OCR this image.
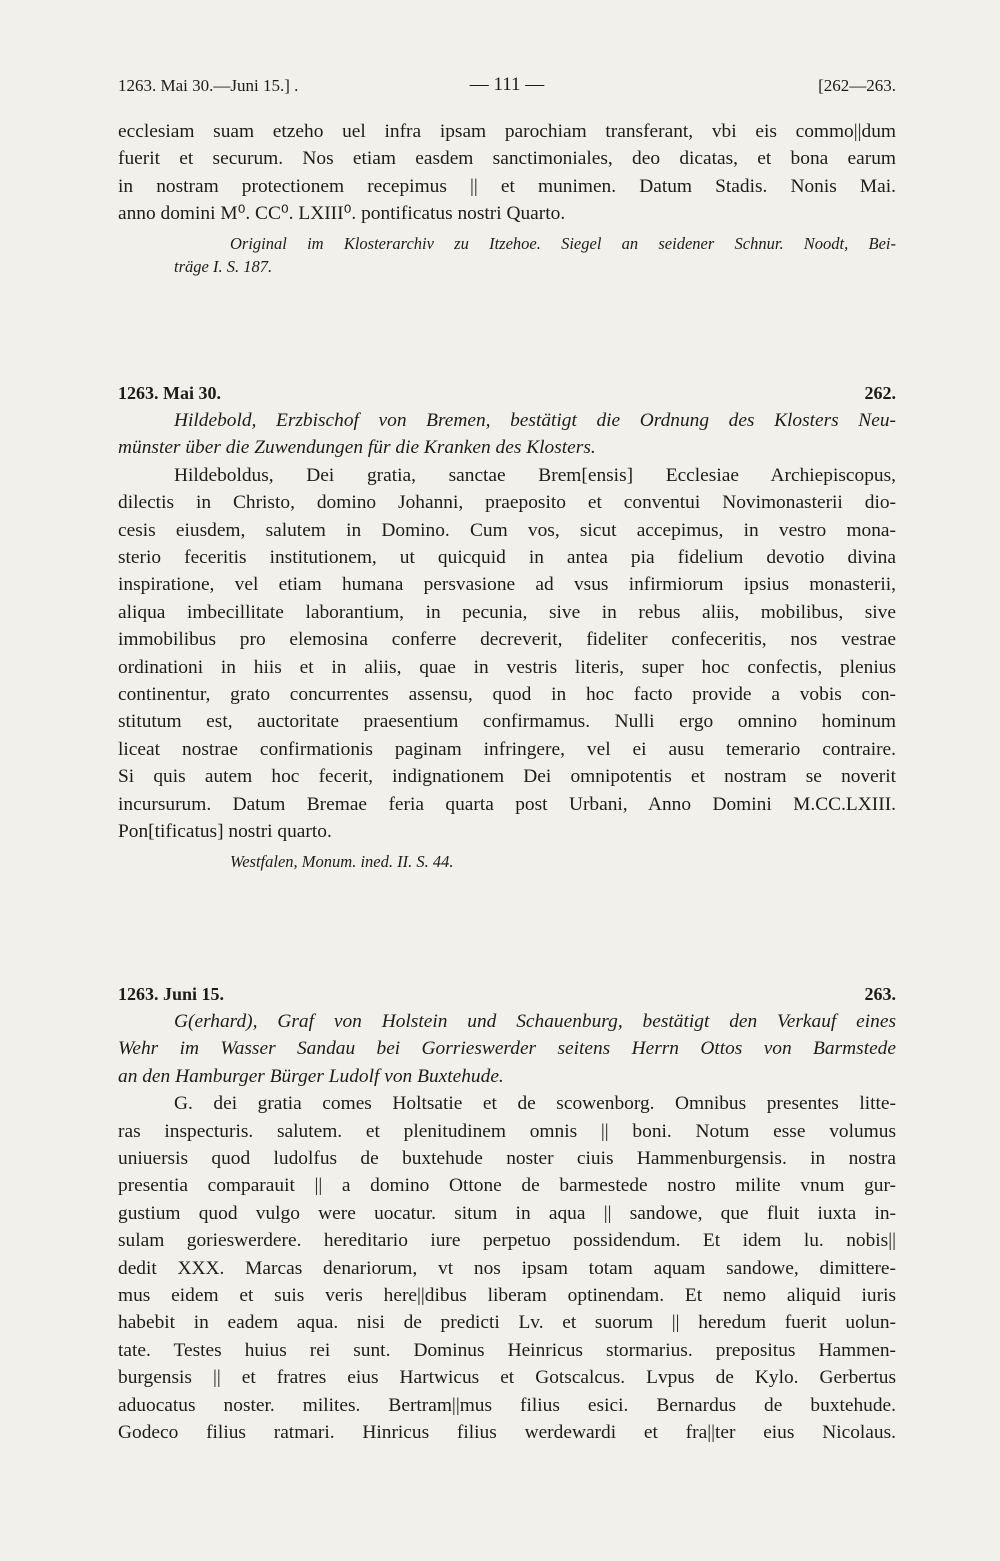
1263. Mai 30.—Juni 15.] .	— 111 —	[262—263.
ecclesiam suam etzeho uel infra ipsam parochiam transferant, vbi eis commo||dum
fuerit et securum. Nos etiam easdem sanctimoniales, deo dicatas, et bona earum
in nostram protectionem recepimus || et munimen. Datum Stadis. Nonis Mai.
anno domini M⁰. CC⁰. LXIII⁰. pontificatus nostri Quarto.
Original im Klosterarchiv zu Itzehoe. Siegel an seidener Schnur. Noodt, Bei-
träge I. S. 187.
1263. Mai 30.	262.
Hildebold, Erzbischof von Bremen, bestätigt die Ordnung des Klosters Neu-
münster über die Zuwendungen für die Kranken des Klosters.
Hildeboldus, Dei gratia, sanctae Brem[ensis] Ecclesiae Archiepiscopus,
dilectis in Christo, domino Johanni, praeposito et conventui Novimonasterii dio-
cesis eiusdem, salutem in Domino. Cum vos, sicut accepimus, in vestro mona-
sterio feceritis institutionem, ut quicquid in antea pia fidelium devotio divina
inspiratione, vel etiam humana persvasione ad vsus infirmiorum ipsius monasterii,
aliqua imbecillitate laborantium, in pecunia, sive in rebus aliis, mobilibus, sive
immobilibus pro elemosina conferre decreverit, fideliter confeceritis, nos vestrae
ordinationi in hiis et in aliis, quae in vestris literis, super hoc confectis, plenius
continentur, grato concurrentes assensu, quod in hoc facto provide a vobis con-
stitutum est, auctoritate praesentium confirmamus. Nulli ergo omnino hominum
liceat nostrae confirmationis paginam infringere, vel ei ausu temerario contraire.
Si quis autem hoc fecerit, indignationem Dei omnipotentis et nostram se noverit
incursurum. Datum Bremae feria quarta post Urbani, Anno Domini M.CC.LXIII.
Pon[tificatus] nostri quarto.
Westfalen, Monum. ined. II. S. 44.
1263. Juni 15.	263.
G(erhard), Graf von Holstein und Schauenburg, bestätigt den Verkauf eines
Wehr im Wasser Sandau bei Gorrieswerder seitens Herrn Ottos von Barmstede
an den Hamburger Bürger Ludolf von Buxtehude.
G. dei gratia comes Holtsatie et de scowenborg. Omnibus presentes litte-
ras inspecturis. salutem. et plenitudinem omnis || boni. Notum esse volumus
uniuersis quod ludolfus de buxtehude noster ciuis Hammenburgensis. in nostra
presentia comparauit || a domino Ottone de barmestede nostro milite vnum gur-
gustium quod vulgo were uocatur. situm in aqua || sandowe, que fluit iuxta in-
sulam gorieswerdere. hereditario iure perpetuo possidendum. Et idem lu. nobis||
dedit XXX. Marcas denariorum, vt nos ipsam totam aquam sandowe, dimittere-
mus eidem et suis veris here||dibus liberam optinendam. Et nemo aliquid iuris
habebit in eadem aqua. nisi de predicti Lv. et suorum || heredum fuerit uolun-
tate. Testes huius rei sunt. Dominus Heinricus stormarius. prepositus Hammen-
burgensis || et fratres eius Hartwicus et Gotscalcus. Lvpus de Kylo. Gerbertus
aduocatus noster. milites. Bertram||mus filius esici. Bernardus de buxtehude.
Godeco filius ratmari. Hinricus filius werdewardi et fra||ter eius Nicolaus.
